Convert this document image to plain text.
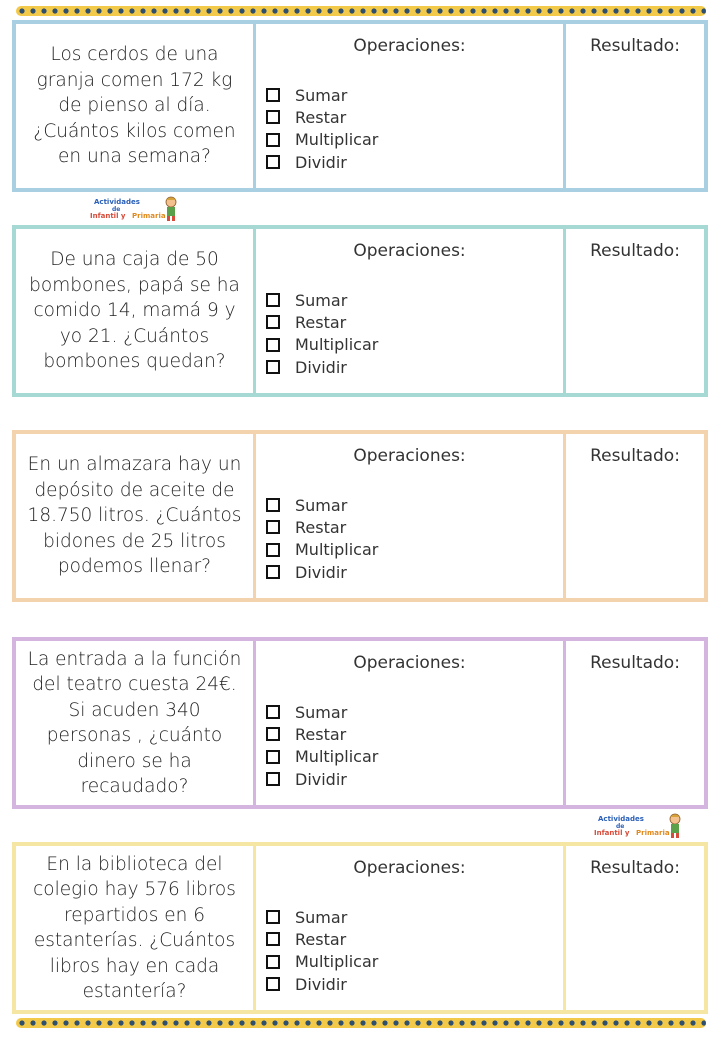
Los cerdos de una granja comen 172 kg de pienso al día. ¿Cuántos kilos comen en una semana?
Operaciones:
Sumar
Restar
Multiplicar
Dividir
Resultado:
De una caja de 50 bombones, papá se ha comido 14, mamá 9 y yo 21. ¿Cuántos bombones quedan?
Operaciones:
Sumar
Restar
Multiplicar
Dividir
Resultado:
En un almazara hay un depósito de aceite de 18.750 litros. ¿Cuántos bidones de 25 litros podemos llenar?
Operaciones:
Sumar
Restar
Multiplicar
Dividir
Resultado:
La entrada a la función del teatro cuesta 24€. Si acuden 340 personas , ¿cuánto dinero se ha recaudado?
Operaciones:
Sumar
Restar
Multiplicar
Dividir
Resultado:
En la biblioteca del colegio hay 576 libros repartidos en 6 estanterías. ¿Cuántos libros hay en cada estantería?
Operaciones:
Sumar
Restar
Multiplicar
Dividir
Resultado:
Actividades
de
Infantil y Primaria
Actividades
de
Infantil y Primaria
